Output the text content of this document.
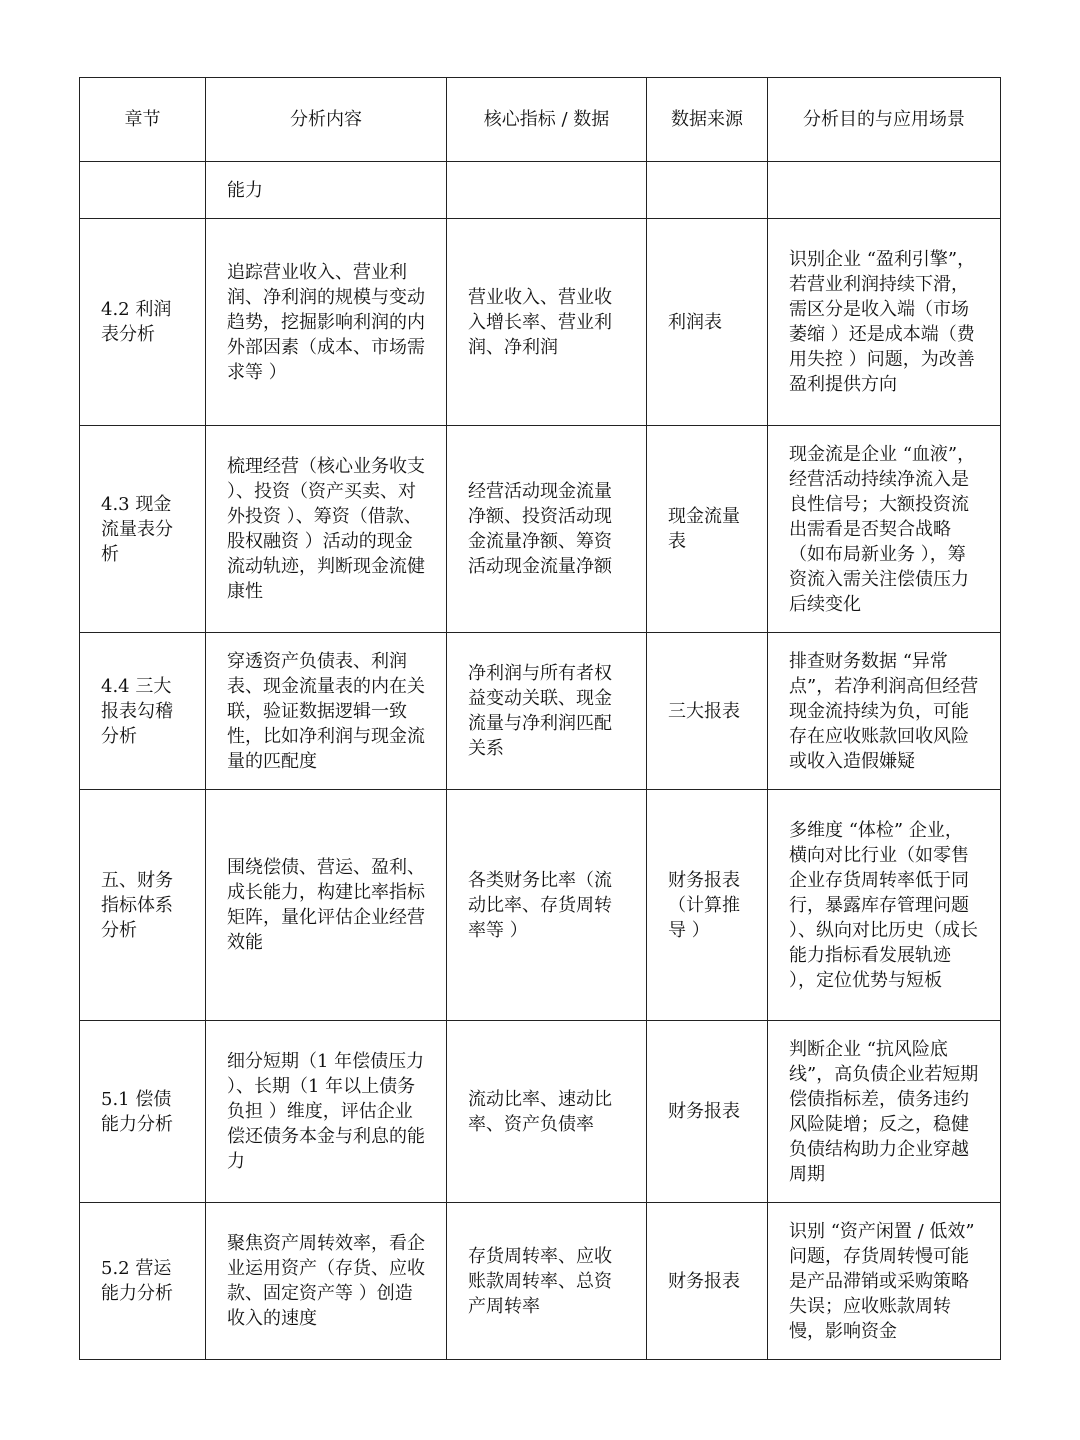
章节	分析内容	核心指标 / 数据	数据来源	分析目的与应用场景
	能力			
4.2 利润表分析	追踪营业收入、营业利润、净利润的规模与变动趋势，挖掘影响利润的内外部因素（成本、市场需求等 ）	营业收入、营业收入增长率、营业利润、净利润	利润表	识别企业 “盈利引擎”，若营业利润持续下滑，需区分是收入端（市场萎缩 ）还是成本端（费用失控 ）问题，为改善盈利提供方向
4.3 现金流量表分析	梳理经营（核心业务收支 ）、投资（资产买卖、对外投资 ）、筹资（借款、股权融资 ）活动的现金流动轨迹，判断现金流健康性	经营活动现金流量净额、投资活动现金流量净额、筹资活动现金流量净额	现金流量表	现金流是企业 “血液”，经营活动持续净流入是良性信号；大额投资流出需看是否契合战略（如布局新业务 ），筹资流入需关注偿债压力后续变化
4.4 三大报表勾稽分析	穿透资产负债表、利润表、现金流量表的内在关联，验证数据逻辑一致性，比如净利润与现金流量的匹配度	净利润与所有者权益变动关联、现金流量与净利润匹配关系	三大报表	排查财务数据 “异常点”，若净利润高但经营现金流持续为负，可能存在应收账款回收风险或收入造假嫌疑
五、财务指标体系分析	围绕偿债、营运、盈利、成长能力，构建比率指标矩阵，量化评估企业经营效能	各类财务比率（流动比率、存货周转率等 ）	财务报表（计算推导 ）	多维度 “体检” 企业，横向对比行业（如零售企业存货周转率低于同行，暴露库存管理问题 ）、纵向对比历史（成长能力指标看发展轨迹 ），定位优势与短板
5.1 偿债能力分析	细分短期（1 年偿债压力 ）、长期（1 年以上债务负担 ）维度，评估企业偿还债务本金与利息的能力	流动比率、速动比率、资产负债率	财务报表	判断企业 “抗风险底线”，高负债企业若短期偿债指标差，债务违约风险陡增；反之，稳健负债结构助力企业穿越周期
5.2 营运能力分析	聚焦资产周转效率，看企业运用资产（存货、应收款、固定资产等 ）创造收入的速度	存货周转率、应收账款周转率、总资产周转率	财务报表	识别 “资产闲置 / 低效” 问题，存货周转慢可能是产品滞销或采购策略失误；应收账款周转慢，影响资金
